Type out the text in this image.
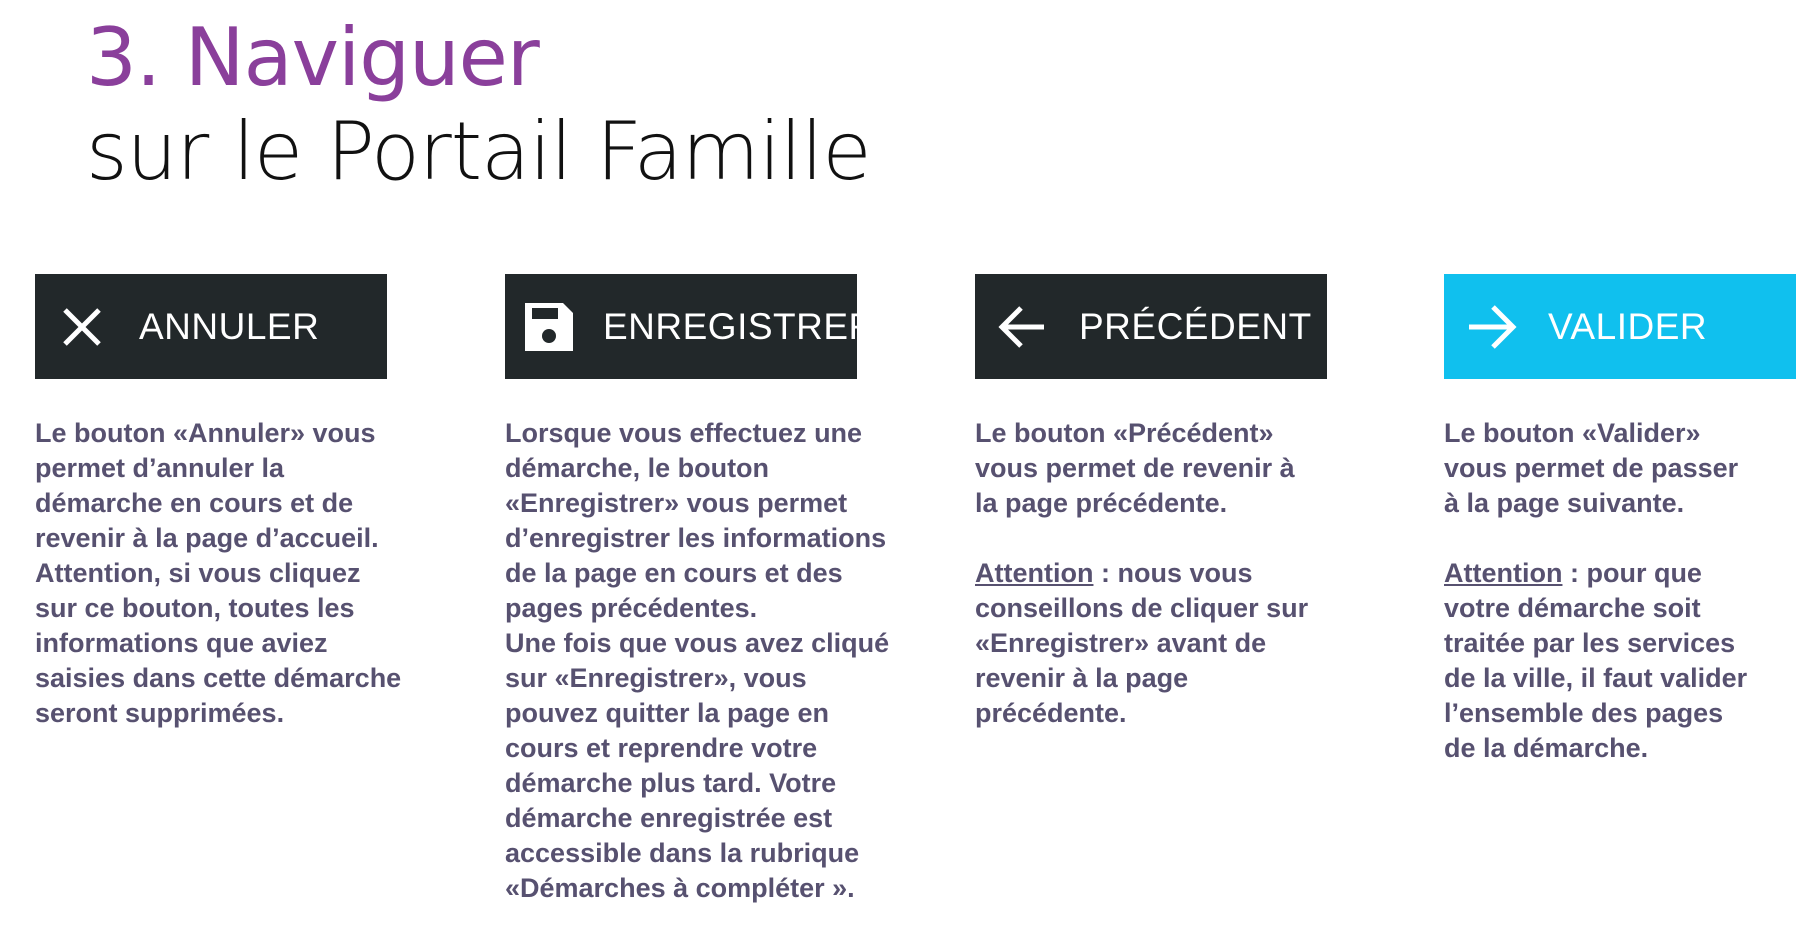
3. Naviguer
sur le Portail Famille
ANNULER

Le bouton «Annuler» vous

permet d’annuler la

démarche en cours et de

revenir à la page d’accueil.

Attention, si vous cliquez

sur ce bouton, toutes les

informations que aviez

saisies dans cette démarche

seront supprimées.

ENREGISTRER

Lorsque vous effectuez une

démarche, le bouton

«Enregistrer» vous permet

d’enregistrer les informations

de la page en cours et des

pages précédentes.

Une fois que vous avez cliqué

sur «Enregistrer», vous

pouvez quitter la page en

cours et reprendre votre

démarche plus tard. Votre

démarche enregistrée est

accessible dans la rubrique

«Démarches à compléter ».

PRÉCÉDENT

Le bouton «Précédent»

vous permet de revenir à

la page précédente.

Attention : nous vous

conseillons de cliquer sur

«Enregistrer» avant de

revenir à la page

précédente.

VALIDER

Le bouton «Valider»

vous permet de passer

à la page suivante.

Attention : pour que

votre démarche soit

traitée par les services

de la ville, il faut valider

l’ensemble des pages

de la démarche.
